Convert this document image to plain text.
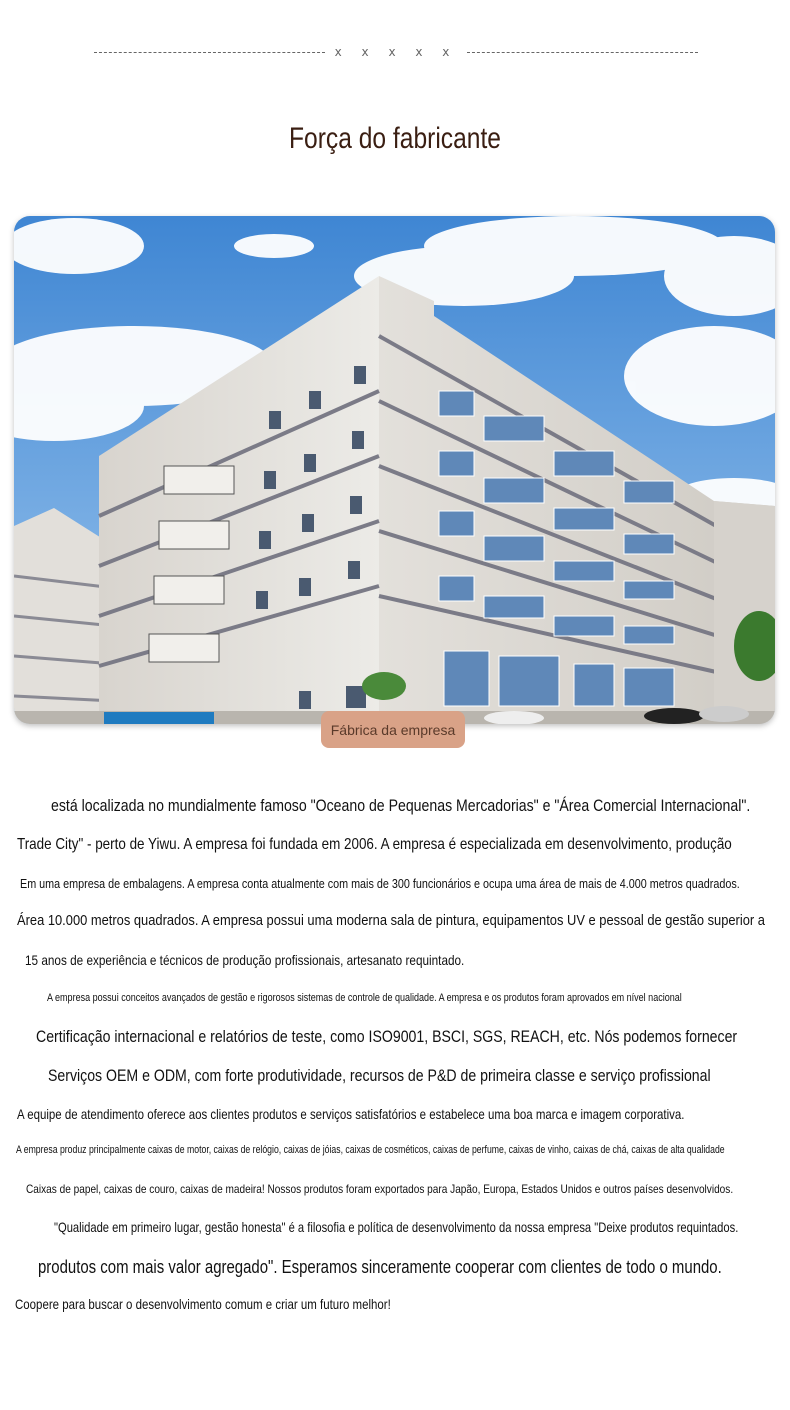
x x x x x
Força do fabricante
Fábrica da empresa
está localizada no mundialmente famoso "Oceano de Pequenas Mercadorias" e "Área Comercial Internacional".
Trade City" - perto de Yiwu. A empresa foi fundada em 2006. A empresa é especializada em desenvolvimento, produção
Em uma empresa de embalagens. A empresa conta atualmente com mais de 300 funcionários e ocupa uma área de mais de 4.000 metros quadrados.
Área 10.000 metros quadrados. A empresa possui uma moderna sala de pintura, equipamentos UV e pessoal de gestão superior a
15 anos de experiência e técnicos de produção profissionais, artesanato requintado.
A empresa possui conceitos avançados de gestão e rigorosos sistemas de controle de qualidade. A empresa e os produtos foram aprovados em nível nacional
Certificação internacional e relatórios de teste, como ISO9001, BSCI, SGS, REACH, etc. Nós podemos fornecer
Serviços OEM e ODM, com forte produtividade, recursos de P&D de primeira classe e serviço profissional
A equipe de atendimento oferece aos clientes produtos e serviços satisfatórios e estabelece uma boa marca e imagem corporativa.
A empresa produz principalmente caixas de motor, caixas de relógio, caixas de jóias, caixas de cosméticos, caixas de perfume, caixas de vinho, caixas de chá, caixas de alta qualidade
Caixas de papel, caixas de couro, caixas de madeira! Nossos produtos foram exportados para Japão, Europa, Estados Unidos e outros países desenvolvidos.
"Qualidade em primeiro lugar, gestão honesta" é a filosofia e política de desenvolvimento da nossa empresa "Deixe produtos requintados.
produtos com mais valor agregado". Esperamos sinceramente cooperar com clientes de todo o mundo.
Coopere para buscar o desenvolvimento comum e criar um futuro melhor!
